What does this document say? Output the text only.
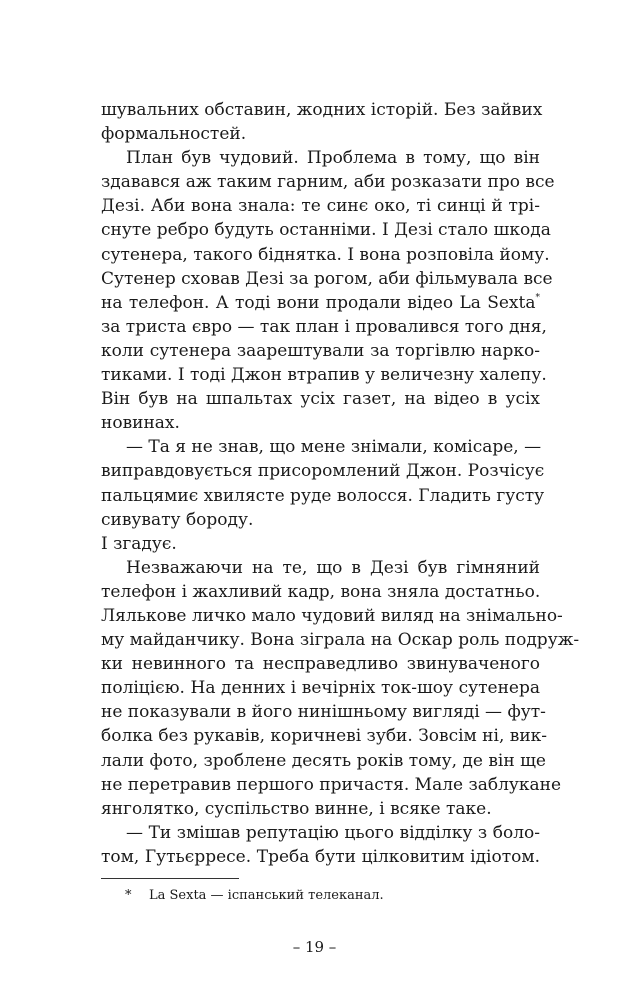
шувальних обставин, жодних історій. Без зайвих
формальностей.
План був чудовий. Проблема в тому, що він
здавався аж таким гарним, аби розказати про все
Дезі. Аби вона знала: те синє око, ті синці й трі-
снуте ребро будуть останніми. І Дезі стало шкода
сутенера, такого біднятка. І вона розповіла йому.
Сутенер сховав Дезі за рогом, аби фільмувала все
на телефон. А тоді вони продали відео La Sexta*
за триста євро — так план і провалився того дня,
коли сутенера заарештували за торгівлю нарко-
тиками. І тоді Джон втрапив у величезну халепу.
Він був на шпальтах усіх газет, на відео в усіх
новинах.
— Та я не знав, що мене знімали, комісаре, —
виправдовується присоромлений Джон. Розчісує
пальцямиє хвилясте руде волосся. Гладить густу
сивувату бороду.
І згадує.
Незважаючи на те, що в Дезі був гімняний
телефон і жахливий кадр, вона зняла достатньо.
Лялькове личко мало чудовий виляд на знімально-
му майданчику. Вона зіграла на Оскар роль подруж-
ки невинного та несправедливо звинуваченого
поліцією. На денних і вечірніх ток-шоу сутенера
не показували в його нинішньому вигляді — фут-
болка без рукавів, коричневі зуби. Зовсім ні, вик-
лали фото, зроблене десять років тому, де він ще
не перетравив першого причастя. Мале заблукане
янголятко, суспільство винне, і всяке таке.
— Ти змішав репутацію цього відділку з боло-
том, Гутьєрресе. Треба бути цілковитим ідіотом.
* La Sexta — іспанський телеканал.
– 19 –
